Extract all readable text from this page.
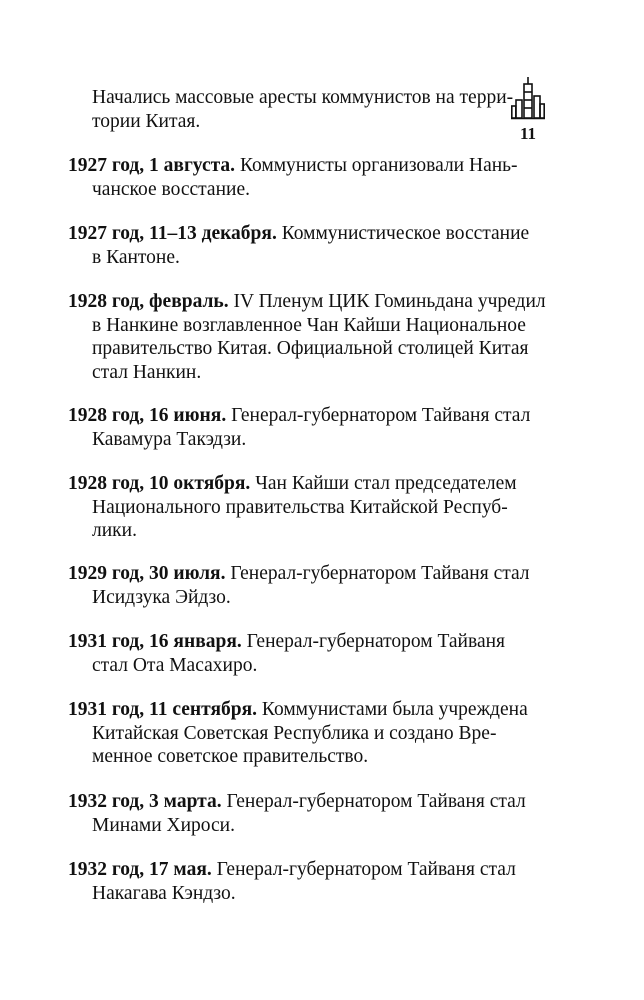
11
Начались массовые аресты коммунистов на терри-
тории Китая.
1927 год, 1 августа. Коммунисты организовали Нань-
чанское восстание.
1927 год, 11–13 декабря. Коммунистическое восстание
в Кантоне.
1928 год, февраль. IV Пленум ЦИК Гоминьдана учредил
в Нанкине возглавленное Чан Кайши Национальное
правительство Китая. Официальной столицей Китая
стал Нанкин.
1928 год, 16 июня. Генерал-губернатором Тайваня стал
Кавамура Такэдзи.
1928 год, 10 октября. Чан Кайши стал председателем
Национального правительства Китайской Респуб-
лики.
1929 год, 30 июля. Генерал-губернатором Тайваня стал
Исидзука Эйдзо.
1931 год, 16 января. Генерал-губернатором Тайваня
стал Ота Масахиро.
1931 год, 11 сентября. Коммунистами была учреждена
Китайская Советская Республика и создано Вре-
менное советское правительство.
1932 год, 3 марта. Генерал-губернатором Тайваня стал
Минами Хироси.
1932 год, 17 мая. Генерал-губернатором Тайваня стал
Накагава Кэндзо.
